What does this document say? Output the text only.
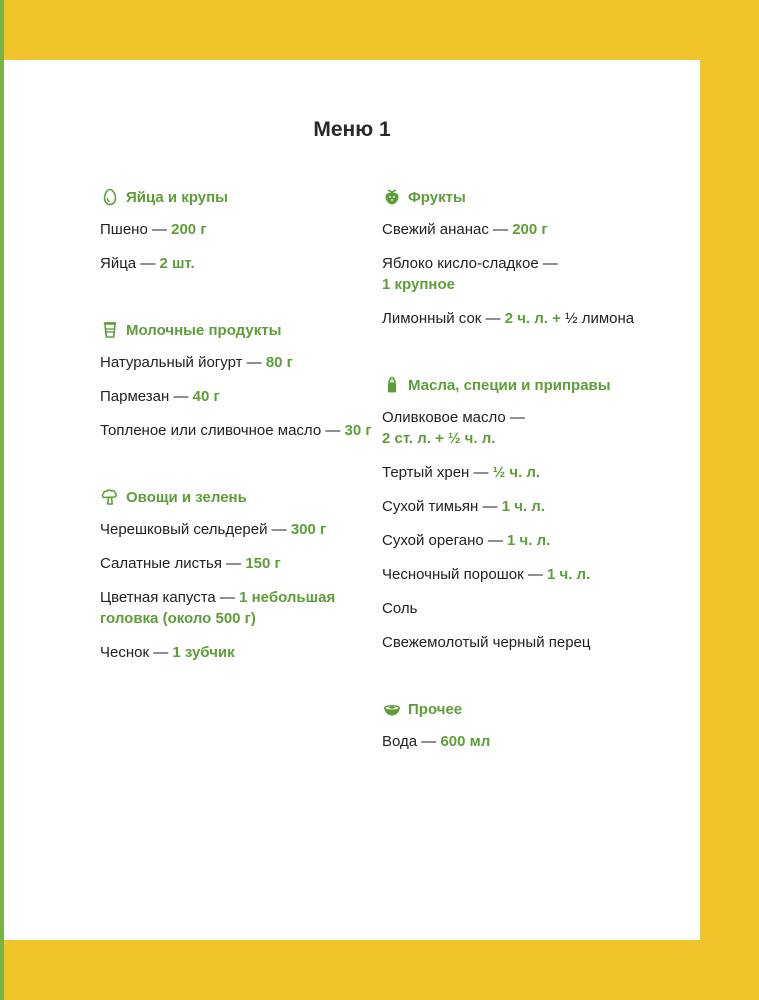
Меню 1
Яйца и крупы
Пшено — 200 г
Яйца — 2 шт.
Молочные продукты
Натуральный йогурт — 80 г
Пармезан — 40 г
Топленое или сливочное масло — 30 г
Овощи и зелень
Черешковый сельдерей — 300 г
Салатные листья — 150 г
Цветная капуста — 1 небольшая головка (около 500 г)
Чеснок — 1 зубчик
Фрукты
Свежий ананас — 200 г
Яблоко кисло-сладкое —
1 крупное
Лимонный сок — 2 ч. л. + ½ лимона
Масла, специи и приправы
Оливковое масло —
2 ст. л. + ½ ч. л.
Тертый хрен — ½ ч. л.
Сухой тимьян — 1 ч. л.
Сухой орегано — 1 ч. л.
Чесночный порошок — 1 ч. л.
Соль
Свежемолотый черный перец
Прочее
Вода — 600 мл
